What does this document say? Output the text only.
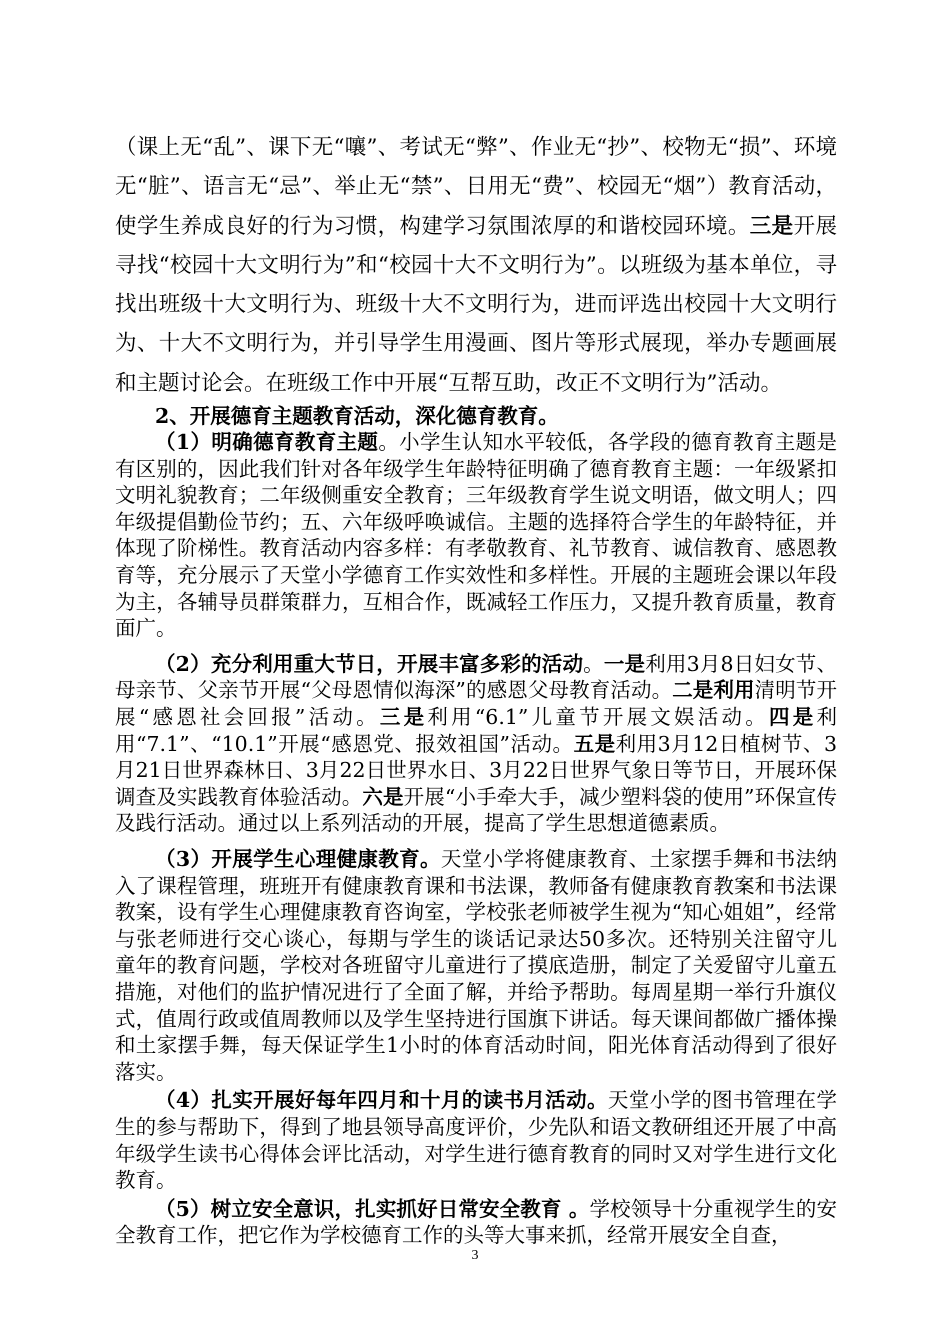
（课上无“乱”、课下无“嚷”、考试无“弊”、作业无“抄”、校物无“损”、环境无“脏”、语言无“忌”、举止无“禁”、日用无“费”、校园无“烟”）教育活动，使学生养成良好的行为习惯，构建学习氛围浓厚的和谐校园环境。三是开展寻找“校园十大文明行为”和“校园十大不文明行为”。以班级为基本单位，寻找出班级十大文明行为、班级十大不文明行为，进而评选出校园十大文明行为、十大不文明行为，并引导学生用漫画、图片等形式展现，举办专题画展和主题讨论会。在班级工作中开展“互帮互助，改正不文明行为”活动。

2、开展德育主题教育活动，深化德育教育。

（1）明确德育教育主题。小学生认知水平较低，各学段的德育教育主题是有区别的，因此我们针对各年级学生年龄特征明确了德育教育主题：一年级紧扣文明礼貌教育；二年级侧重安全教育；三年级教育学生说文明语，做文明人；四年级提倡勤俭节约；五、六年级呼唤诚信。主题的选择符合学生的年龄特征，并体现了阶梯性。教育活动内容多样：有孝敬教育、礼节教育、诚信教育、感恩教育等，充分展示了天堂小学德育工作实效性和多样性。开展的主题班会课以年段为主，各辅导员群策群力，互相合作，既减轻工作压力，又提升教育质量，教育面广。

（2）充分利用重大节日，开展丰富多彩的活动。一是利用3月8日妇女节、母亲节、父亲节开展“父母恩情似海深”的感恩父母教育活动。二是利用清明节开展“感恩社会回报”活动。三是利用“6.1”儿童节开展文娱活动。四是利用“7.1”、“10.1”开展“感恩党、报效祖国”活动。五是利用3月12日植树节、3月21日世界森林日、3月22日世界水日、3月22日世界气象日等节日，开展环保调查及实践教育体验活动。六是开展“小手牵大手，减少塑料袋的使用”环保宣传及践行活动。通过以上系列活动的开展，提高了学生思想道德素质。

（3）开展学生心理健康教育。天堂小学将健康教育、土家摆手舞和书法纳入了课程管理，班班开有健康教育课和书法课，教师备有健康教育教案和书法课教案，设有学生心理健康教育咨询室，学校张老师被学生视为“知心姐姐”，经常与张老师进行交心谈心，每期与学生的谈话记录达50多次。还特别关注留守儿童年的教育问题，学校对各班留守儿童进行了摸底造册，制定了关爱留守儿童五措施，对他们的监护情况进行了全面了解，并给予帮助。每周星期一举行升旗仪式，值周行政或值周教师以及学生坚持进行国旗下讲话。每天课间都做广播体操和土家摆手舞，每天保证学生1小时的体育活动时间，阳光体育活动得到了很好落实。

（4）扎实开展好每年四月和十月的读书月活动。天堂小学的图书管理在学生的参与帮助下，得到了地县领导高度评价，少先队和语文教研组还开展了中高年级学生读书心得体会评比活动，对学生进行德育教育的同时又对学生进行文化教育。

（5）树立安全意识，扎实抓好日常安全教育 。学校领导十分重视学生的安全教育工作，把它作为学校德育工作的头等大事来抓，经常开展安全自查，

3
